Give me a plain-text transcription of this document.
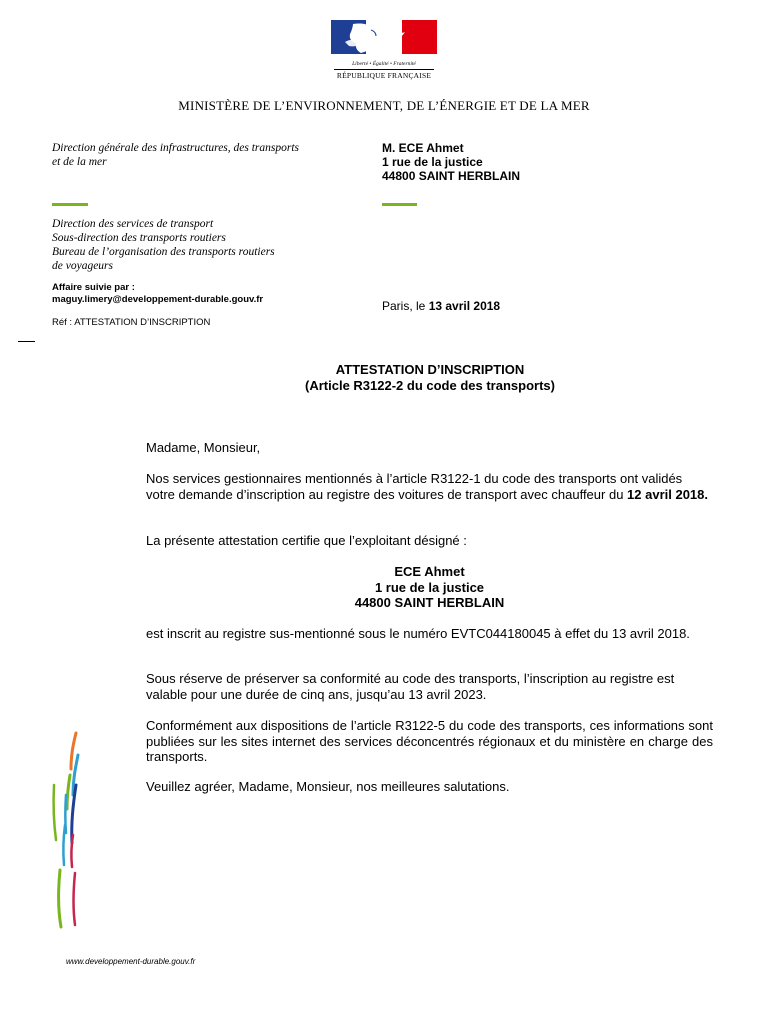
Liberté • Égalité • Fraternité
RÉPUBLIQUE FRANÇAISE
MINISTÈRE DE L’ENVIRONNEMENT, DE L’ÉNERGIE ET DE LA MER
Direction générale des infrastructures, des transports
et de la mer
M. ECE Ahmet
1 rue de la justice
44800 SAINT HERBLAIN
Direction des services de transport
Sous-direction des transports routiers
Bureau de l’organisation des transports routiers
de voyageurs
Affaire suivie par :
maguy.limery@developpement-durable.gouv.fr	Paris, le 13 avril 2018
Réf : ATTESTATION D’INSCRIPTION
ATTESTATION D’INSCRIPTION
(Article R3122-2 du code des transports)
Madame, Monsieur,
Nos services gestionnaires mentionnés à l’article R3122-1 du code des transports ont validés votre demande d’inscription au registre des voitures de transport avec chauffeur du 12 avril 2018.
La présente attestation certifie que l’exploitant désigné :
ECE Ahmet
1 rue de la justice
44800 SAINT HERBLAIN
est inscrit au registre sus-mentionné sous le numéro EVTC044180045 à effet du 13 avril 2018.
Sous réserve de préserver sa conformité au code des transports, l’inscription au registre est valable pour une durée de cinq ans, jusqu’au 13 avril 2023.
Conformément aux dispositions de l’article R3122-5 du code des transports, ces informations sont publiées sur les sites internet des services déconcentrés régionaux et du ministère en charge des transports.
Veuillez agréer, Madame, Monsieur, nos meilleures salutations.
www.developpement-durable.gouv.fr
